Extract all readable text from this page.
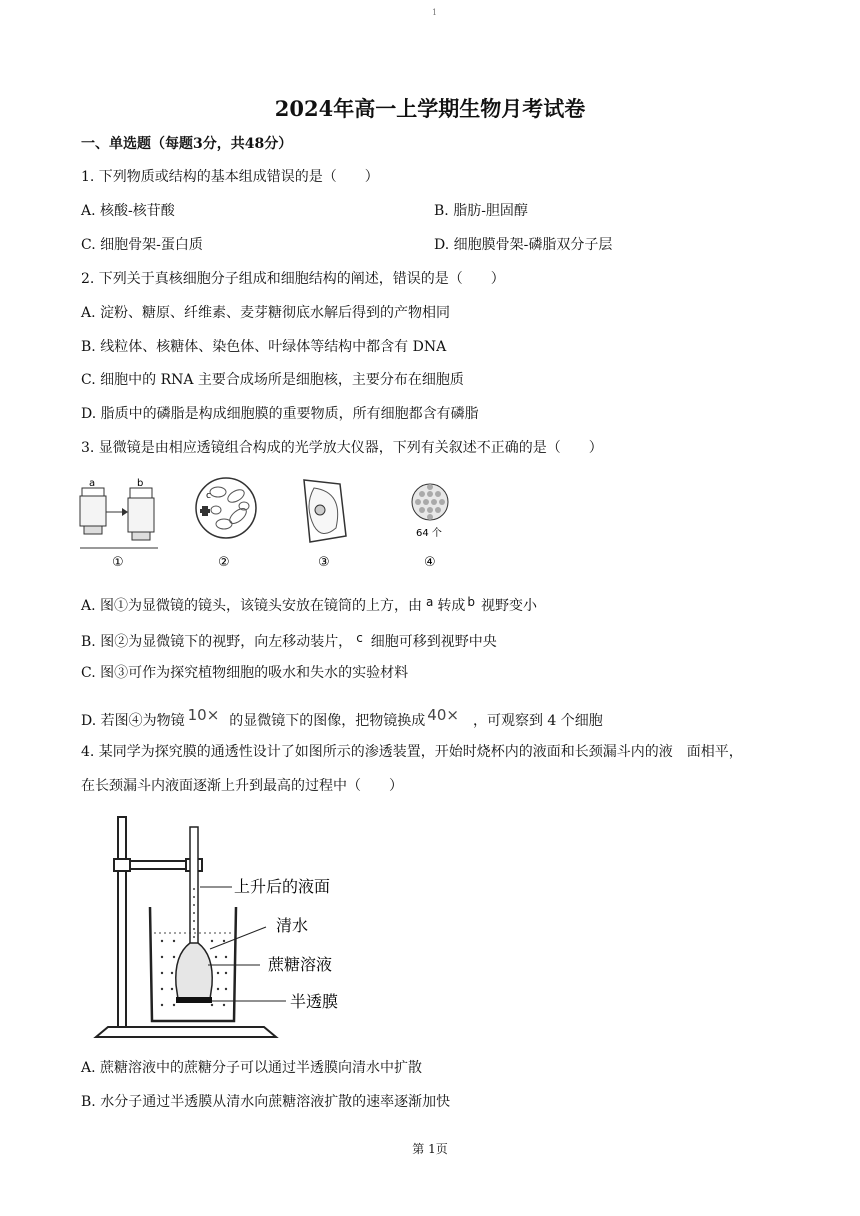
1
2024年高一上学期生物月考试卷
一、单选题（每题3分，共48分）
1. 下列物质或结构的基本组成错误的是（　　）
A. 核酸-核苷酸	B. 脂肪-胆固醇
C. 细胞骨架-蛋白质	D. 细胞膜骨架-磷脂双分子层
2. 下列关于真核细胞分子组成和细胞结构的阐述，错误的是（　　）
A. 淀粉、糖原、纤维素、麦芽糖彻底水解后得到的产物相同
B. 线粒体、核糖体、染色体、叶绿体等结构中都含有 DNA
C. 细胞中的 RNA 主要合成场所是细胞核，主要分布在细胞质
D. 脂质中的磷脂是构成细胞膜的重要物质，所有细胞都含有磷脂
3. 显微镜是由相应透镜组合构成的光学放大仪器，下列有关叙述不正确的是（　　）
a	b
①
c
②	③
64 个
④
A. 图①为显微镜的镜头，该镜头安放在镜筒的上方，由 a 转成 b 视野变小
B. 图②为显微镜下的视野，向左移动装片， c 细胞可移到视野中央
C. 图③可作为探究植物细胞的吸水和失水的实验材料
D. 若图④为物镜 10× 的显微镜下的图像，把物镜换成 40× ，可观察到 4 个细胞
4. 某同学为探究膜的通透性设计了如图所示的渗透装置，开始时烧杯内的液面和长颈漏斗内的液　面相平，
在长颈漏斗内液面逐渐上升到最高的过程中（　　）
上升后的液面
清水
蔗糖溶液
半透膜
A. 蔗糖溶液中的蔗糖分子可以通过半透膜向清水中扩散
B. 水分子通过半透膜从清水向蔗糖溶液扩散的速率逐渐加快
第 1页
